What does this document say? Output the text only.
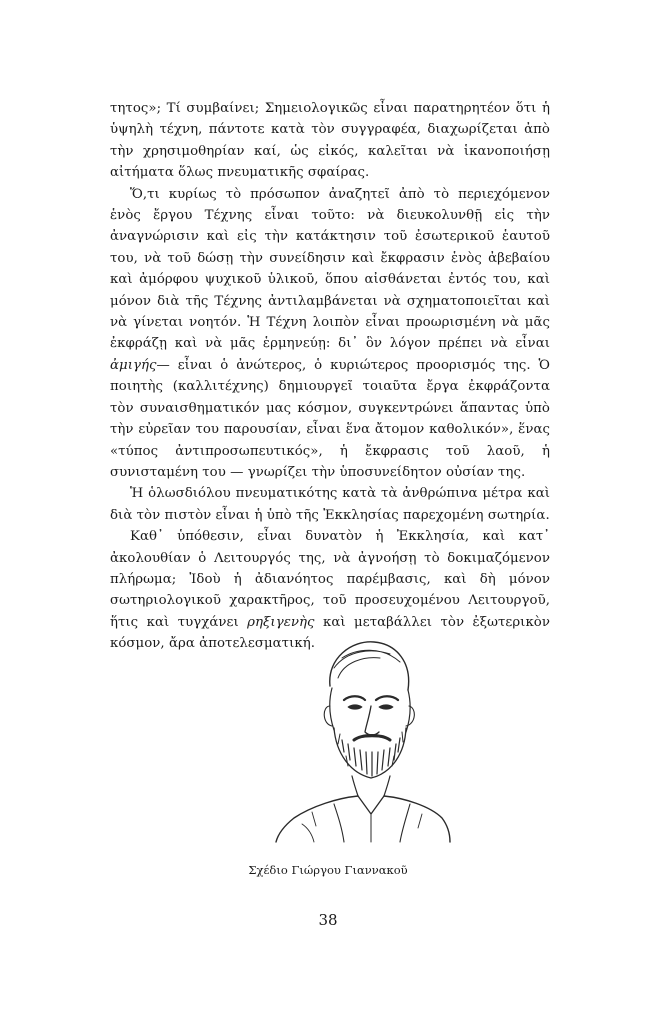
τητος»; Τί συμβαίνει; Σημειολογικῶς εἶναι παρατηρητέον ὅτι ἡ ὑψηλὴ τέχνη, πάντοτε κατὰ τὸν συγγραφέα, διαχωρίζεται ἀπὸ τὴν χρησιμοθηρίαν καί, ὡς εἰκός, καλεῖται νὰ ἱκανοποιήσῃ αἰτήματα ὅλως πνευματικῆς σφαίρας.

Ὅ,τι κυρίως τὸ πρόσωπον ἀναζητεῖ ἀπὸ τὸ περιεχόμενον ἑνὸς ἔργου Τέχνης εἶναι τοῦτο: νὰ διευκολυνθῇ εἰς τὴν ἀναγνώρισιν καὶ εἰς τὴν κατάκτησιν τοῦ ἐσωτερικοῦ ἑαυτοῦ του, νὰ τοῦ δώσῃ τὴν συνείδησιν καὶ ἔκφρασιν ἑνὸς ἀβεβαίου καὶ ἀμόρφου ψυχικοῦ ὑλικοῦ, ὅπου αἰσθάνεται ἐντός του, καὶ μόνον διὰ τῆς Τέχνης ἀντιλαμβάνεται νὰ σχηματοποιεῖται καὶ νὰ γίνεται νοητόν. Ἡ Τέχνη λοιπὸν εἶναι προωρισμένη νὰ μᾶς ἐκφράζῃ καὶ νὰ μᾶς ἑρμηνεύῃ: δι᾽ ὃν λόγον πρέπει νὰ εἶναι ἀμιγής— εἶναι ὁ ἀνώτερος, ὁ κυριώτερος προορισμός της. Ὁ ποιητὴς (καλλιτέχνης) δημιουργεῖ τοιαῦτα ἔργα ἐκφράζοντα τὸν συναισθηματικόν μας κόσμον, συγκεντρώνει ἅπαντας ὑπὸ τὴν εὐρεῖαν του παρουσίαν, εἶναι ἕνα ἄτομον καθολικόν», ἕνας «τύπος ἀντιπροσωπευτικός», ἡ ἔκφρασις τοῦ λαοῦ, ἡ συνισταμένη του — γνωρίζει τὴν ὑποσυνείδητον οὐσίαν της.

Ἡ ὁλωσδιόλου πνευματικότης κατὰ τὰ ἀνθρώπινα μέτρα καὶ διὰ τὸν πιστὸν εἶναι ἡ ὑπὸ τῆς Ἐκκλησίας παρεχομένη σωτηρία.

Καθ᾽ ὑπόθεσιν, εἶναι δυνατὸν ἡ Ἐκκλησία, καὶ κατ᾽ ἀκολουθίαν ὁ Λειτουργός της, νὰ ἀγνοήσῃ τὸ δοκιμαζόμενον πλήρωμα; Ἰδοὺ ἡ ἀδιανόητος παρέμβασις, καὶ δὴ μόνον σωτηριολογικοῦ χαρακτῆρος, τοῦ προσευχομένου Λειτουργοῦ, ἥτις καὶ τυγχάνει ρηξιγενὴς καὶ μεταβάλλει τὸν ἐξωτερικὸν κόσμον, ἄρα ἀποτελεσματική.

Σχέδιο Γιώργου Γιαννακοῦ
38
